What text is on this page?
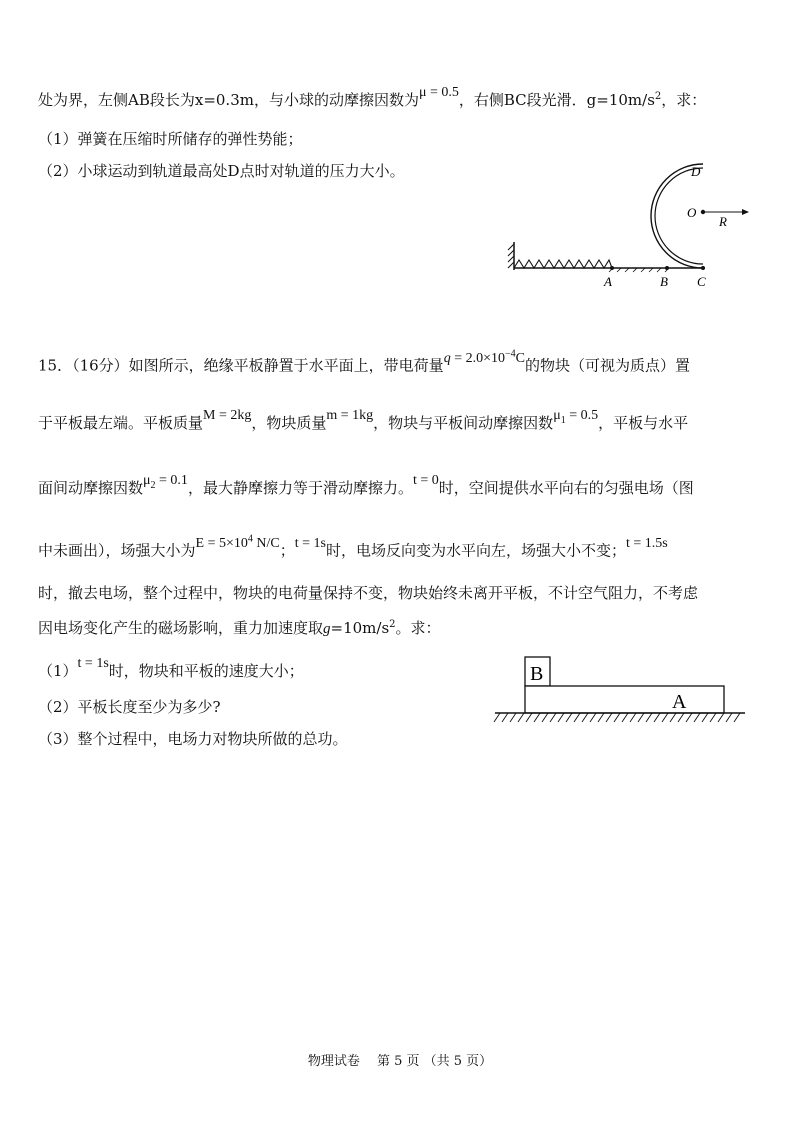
处为界，左侧AB段长为x=0.3m，与小球的动摩擦因数为μ = 0.5，右侧BC段光滑．$g=10m/s^2$，求：
（1）弹簧在压缩时所储存的弹性势能；
（2）小球运动到轨道最高处D点时对轨道的压力大小。	D
O
R
A	B C
15．（16分）如图所示，绝缘平板静置于水平面上，带电荷量$q = 2.0\times 10^{-4}C$的物块（可视为质点）置
于平板最左端。平板质量M = 2kg，物块质量m = 1kg，物块与平板间动摩擦因数$\mu_1 = 0.5$，平板与水平
面间动摩擦因数$\mu_2 = 0.1$，最大静摩擦力等于滑动摩擦力。t = 0时，空间提供水平向右的匀强电场（图
中未画出），场强大小为$E = 5\times 10^4$ N/C；t = 1s时，电场反向变为水平向左，场强大小不变；t = 1.5s
时，撤去电场，整个过程中，物块的电荷量保持不变，物块始终未离开平板，不计空气阻力，不考虑
因电场变化产生的磁场影响，重力加速度取$g=10m/s^2$。求：
（1）t = 1s时，物块和平板的速度大小；
（2）平板长度至少为多少?
（3）整个过程中，电场力对物块所做的总功。
B
A
物理试卷　 第 5 页 （共 5 页）
